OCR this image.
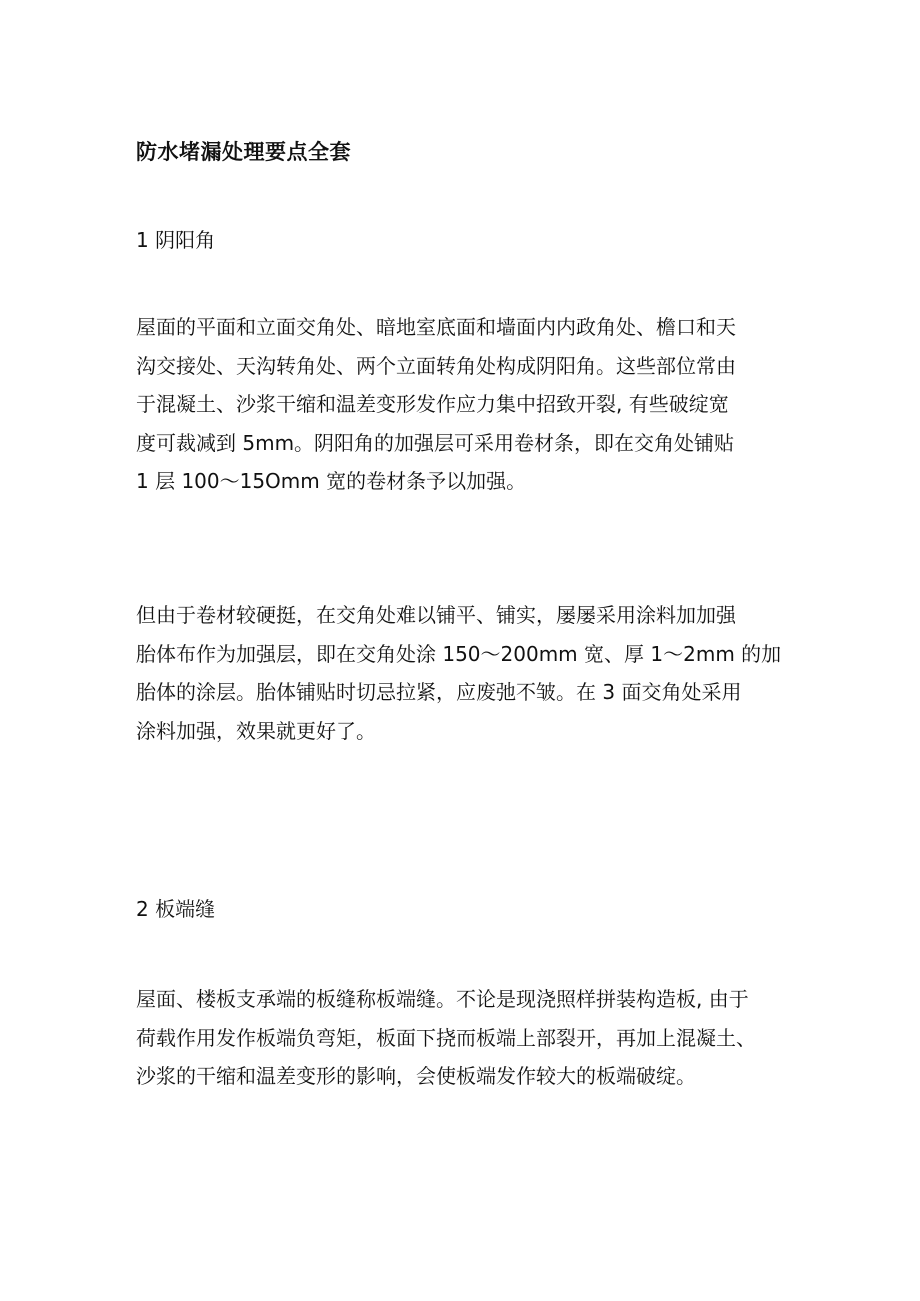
防水堵漏处理要点全套
1 阴阳角
屋面的平面和立面交角处、暗地室底面和墙面内内政角处、檐口和天
沟交接处、天沟转角处、两个立面转角处构成阴阳角。这些部位常由
于混凝土、沙浆干缩和温差变形发作应力集中招致开裂, 有些破绽宽
度可裁减到 5mm。阴阳角的加强层可采用卷材条，即在交角处铺贴
1 层 100～15Omm 宽的卷材条予以加强。
但由于卷材较硬挺，在交角处难以铺平、铺实，屡屡采用涂料加加强
胎体布作为加强层，即在交角处涂 150～200mm 宽、厚 1～2mm 的加
胎体的涂层。胎体铺贴时切忌拉紧，应废弛不皱。在 3 面交角处采用
涂料加强，效果就更好了。
2 板端缝
屋面、楼板支承端的板缝称板端缝。不论是现浇照样拼装构造板, 由于
荷载作用发作板端负弯矩，板面下挠而板端上部裂开，再加上混凝土、
沙浆的干缩和温差变形的影响，会使板端发作较大的板端破绽。
